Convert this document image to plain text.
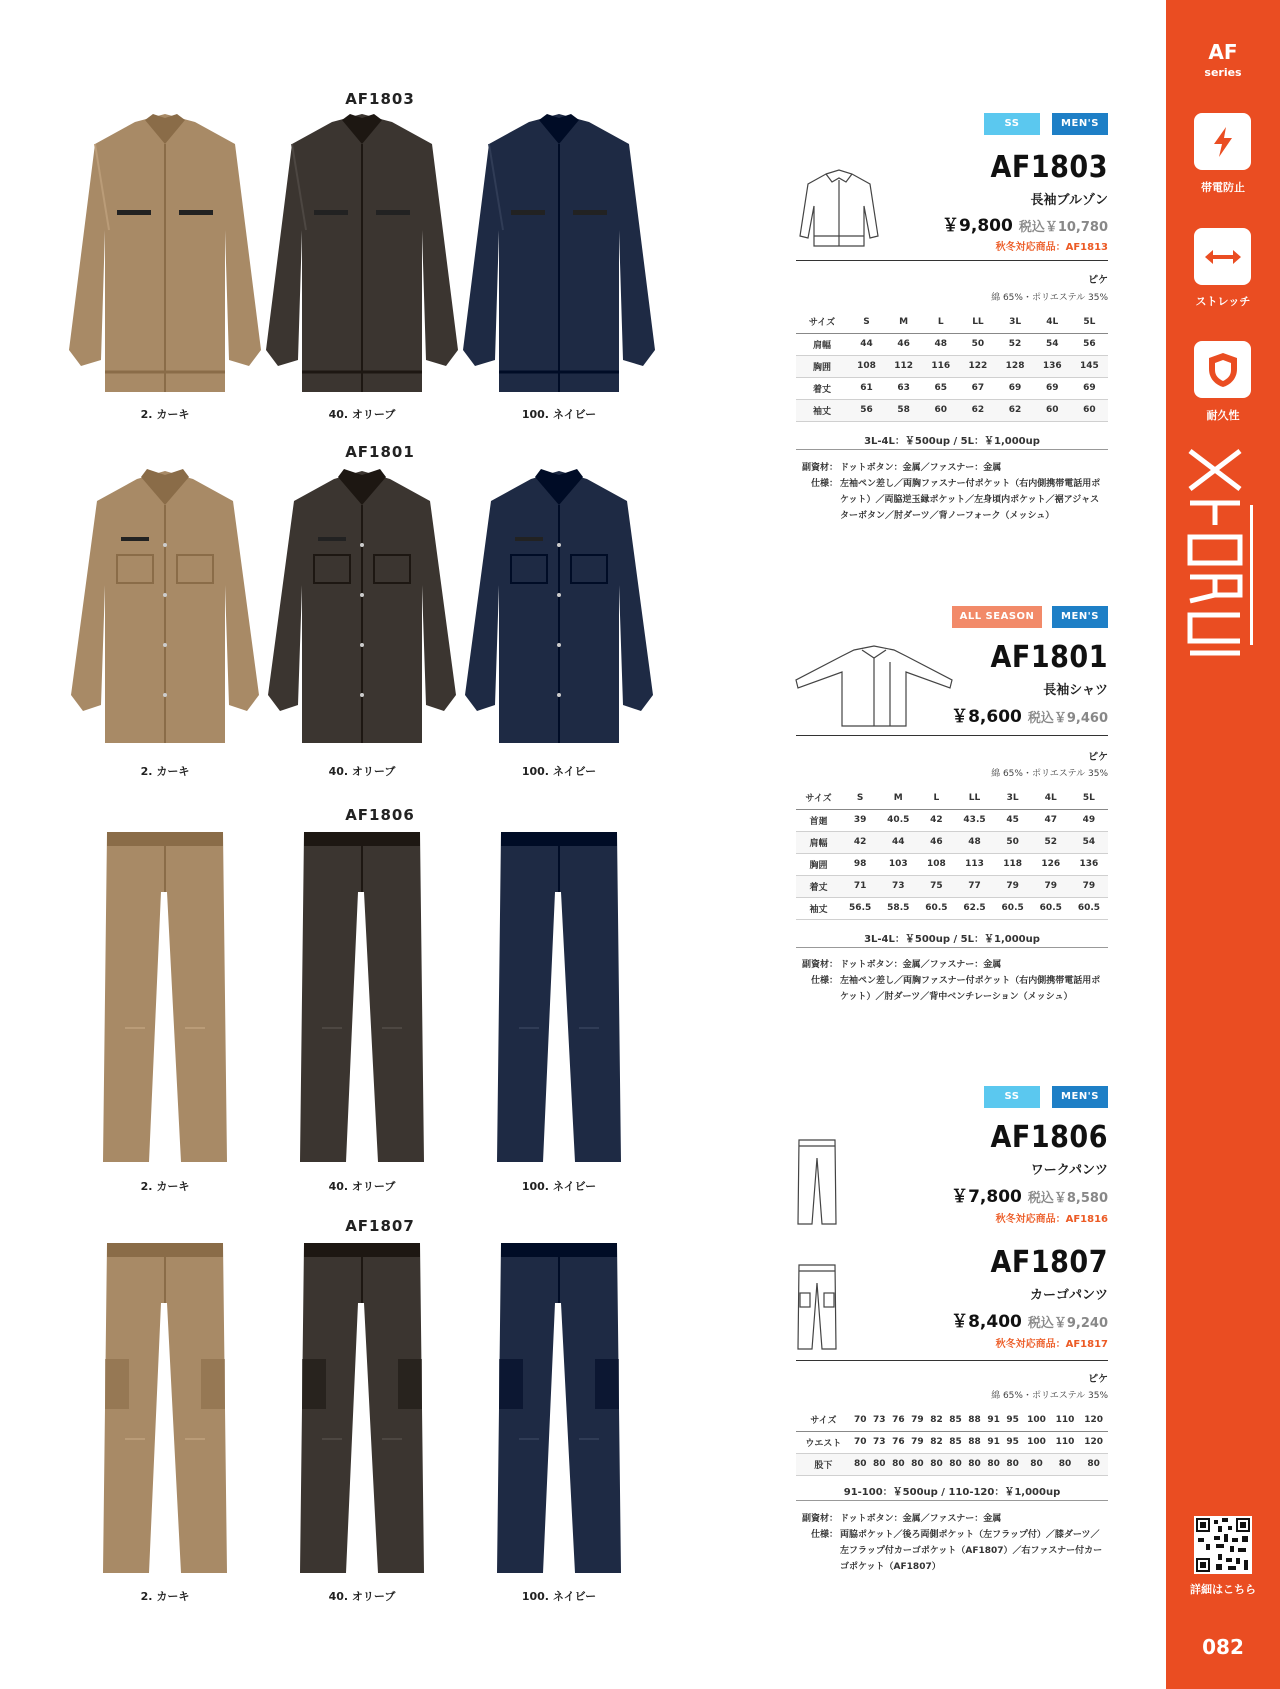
AF1803
2. カーキ	40. オリーブ	100. ネイビー
AF1801
2. カーキ	40. オリーブ	100. ネイビー
AF1806
2. カーキ	40. オリーブ	100. ネイビー
AF1807
2. カーキ	40. オリーブ	100. ネイビー
SS	MEN'S
AF1803
長袖ブルゾン
￥9,800 税込￥10,780
秋冬対応商品：AF1813
ピケ
綿 65%・ポリエステル 35%
サイズ	S	M	L	LL	3L	4L	5L
肩幅	44	46	48	50	52	54	56
胸囲	108	112	116	122	128	136	145
着丈	61	63	65	67	69	69	69
袖丈	56	58	60	62	62	60	60
3L-4L：￥500up / 5L：￥1,000up
副資材： ドットボタン：金属／ファスナー：金属
仕様： 左袖ペン差し／両胸ファスナー付ポケット（右内側携帯電話用ポケット）／両脇逆玉縁ポケット／左身頃内ポケット／裾アジャスターボタン／肘ダーツ／背ノーフォーク（メッシュ）
ALL SEASON	MEN'S
AF1801
長袖シャツ
￥8,600 税込￥9,460
ピケ
綿 65%・ポリエステル 35%
サイズ	S	M	L	LL	3L	4L	5L
首廻	39	40.5	42	43.5	45	47	49
肩幅	42	44	46	48	50	52	54
胸囲	98	103	108	113	118	126	136
着丈	71	73	75	77	79	79	79
袖丈	56.5	58.5	60.5	62.5	60.5	60.5	60.5
3L-4L：￥500up / 5L：￥1,000up
副資材： ドットボタン：金属／ファスナー：金属
仕様： 左袖ペン差し／両胸ファスナー付ポケット（右内側携帯電話用ポケット）／肘ダーツ／背中ベンチレーション（メッシュ）
SS	MEN'S
AF1806
ワークパンツ
￥7,800 税込￥8,580
秋冬対応商品：AF1816
AF1807
カーゴパンツ
￥8,400 税込￥9,240
秋冬対応商品：AF1817
ピケ
綿 65%・ポリエステル 35%
サイズ	70	73	76	79	82	85	88	91	95	100	110	120
ウエスト	70	73	76	79	82	85	88	91	95	100	110	120
股下	80	80	80	80	80	80	80	80	80	80	80	80
91-100：￥500up / 110-120：￥1,000up
副資材： ドットボタン：金属／ファスナー：金属
仕様： 両脇ポケット／後ろ両側ポケット（左フラップ付）／膝ダーツ／左フラップ付カーゴポケット（AF1807）／右ファスナー付カーゴポケット（AF1807）
AF
series
帯電防止
ストレッチ
耐久性
詳細はこちら
082
